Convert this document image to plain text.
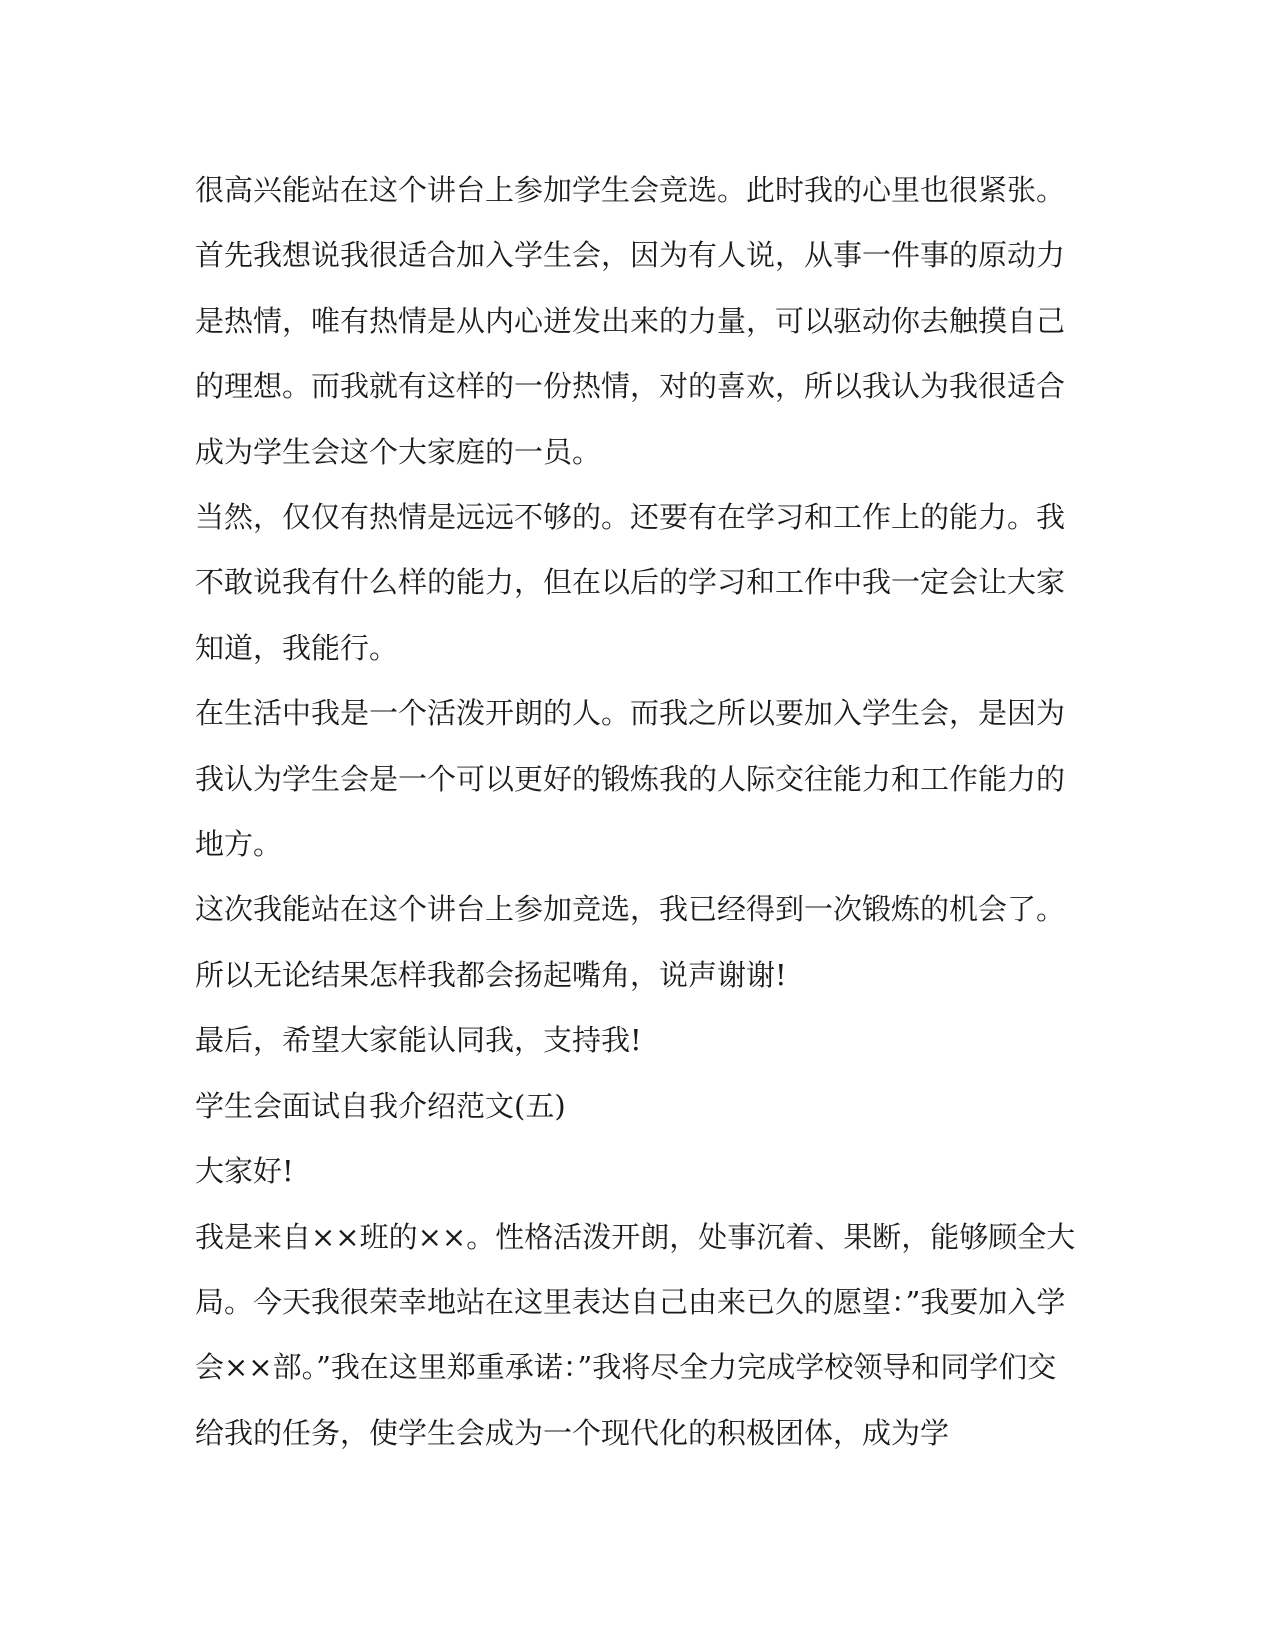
很高兴能站在这个讲台上参加学生会竞选。此时我的心里也很紧张。

首先我想说我很适合加入学生会，因为有人说，从事一件事的原动力是热情，唯有热情是从内心迸发出来的力量，可以驱动你去触摸自己的理想。而我就有这样的一份热情，对的喜欢，所以我认为我很适合成为学生会这个大家庭的一员。

当然，仅仅有热情是远远不够的。还要有在学习和工作上的能力。我不敢说我有什么样的能力，但在以后的学习和工作中我一定会让大家知道，我能行。

在生活中我是一个活泼开朗的人。而我之所以要加入学生会，是因为我认为学生会是一个可以更好的锻炼我的人际交往能力和工作能力的地方。

这次我能站在这个讲台上参加竞选，我已经得到一次锻炼的机会了。所以无论结果怎样我都会扬起嘴角，说声谢谢!

最后，希望大家能认同我，支持我!

学生会面试自我介绍范文(五)

大家好!

我是来自××班的××。性格活泼开朗，处事沉着、果断，能够顾全大局。今天我很荣幸地站在这里表达自己由来已久的愿望：”我要加入学会××部。”我在这里郑重承诺：”我将尽全力完成学校领导和同学们交给我的任务，使学生会成为一个现代化的积极团体，成为学
